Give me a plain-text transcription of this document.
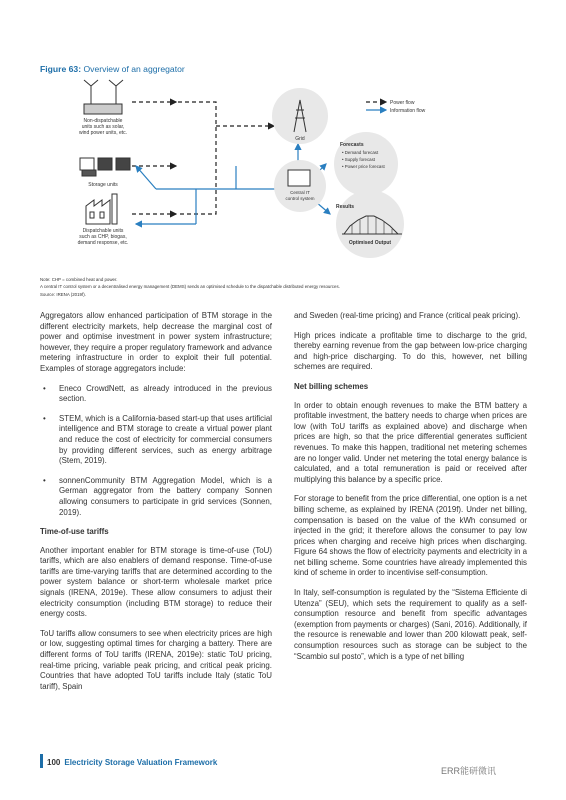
Figure 63: Overview of an aggregator
Non-dispatchable
units such as solar,
wind power units, etc.
Storage units
Dispatchable units
such as CHP, biogas,
demand response, etc.
Grid
Central IT
control system
Forecasts
• Demand forecast
• Supply forecast
• Power price forecast
Results
Optimised Output
Power flow
Information flow
Note: CHP = combined heat and power.
A central IT control system or a decentralised energy management (DEMS) sends an optimised schedule to the dispatchable distributed energy resources.
Source: IRENA (2019f).

Aggregators allow enhanced participation of BTM storage in the different electricity markets, help decrease the marginal cost of power and optimise investment in power system infrastructure; however, they require a proper regulatory framework and advance metering infrastructure in order to exploit their full potential. Examples of storage aggregators include:

• Eneco CrowdNett, as already introduced in the previous section.
• STEM, which is a California-based start-up that uses artificial intelligence and BTM storage to create a virtual power plant and reduce the cost of electricity for commercial consumers by providing different services, such as energy arbitrage (Stem, 2019).
• sonnenCommunity BTM Aggregation Model, which is a German aggregator from the battery company Sonnen allowing consumers to participate in grid services (Sonnen, 2019).
Time-of-use tariffs

Another important enabler for BTM storage is time-of-use (ToU) tariffs, which are also enablers of demand response. Time-of-use tariffs are time-varying tariffs that are determined according to the power system balance or short-term wholesale market price signals (IRENA, 2019e). These allow consumers to adjust their electricity consumption (including BTM storage) to reduce their energy costs.

ToU tariffs allow consumers to see when electricity prices are high or low, suggesting optimal times for charging a battery. There are different forms of ToU tariffs (IRENA, 2019e): static ToU pricing, real-time pricing, variable peak pricing, and critical peak pricing. Countries that have adopted ToU tariffs include Italy (static ToU tariff), Spain

and Sweden (real-time pricing) and France (critical peak pricing).

High prices indicate a profitable time to discharge to the grid, thereby earning revenue from the gap between low-price charging and high-price discharging. To do this, however, net billing schemes are required.

Net billing schemes

In order to obtain enough revenues to make the BTM battery a profitable investment, the battery needs to charge when prices are low (with ToU tariffs as explained above) and discharge when prices are high, so that the price differential generates sufficient revenues. To make this happen, traditional net metering schemes are no longer valid. Under net metering the total energy balance is calculated, and a total remuneration is paid or received after multiplying this balance by a specific price.

For storage to benefit from the price differential, one option is a net billing scheme, as explained by IRENA (2019f). Under net billing, compensation is based on the value of the kWh consumed or injected in the grid; it therefore allows the consumer to pay low prices when charging and receive high prices when discharging. Figure 64 shows the flow of electricity payments and electricity in a net billing scheme. Some countries have already implemented this kind of scheme in order to incentivise self-consumption.

In Italy, self-consumption is regulated by the “Sistema Efficiente di Utenza” (SEU), which sets the requirement to qualify as a self-consumption resource and benefit from specific advantages (exemption from payments or charges) (Sani, 2016). Additionally, if the resource is renewable and lower than 200 kilowatt peak, self-consumption resources such as storage can be subject to the “Scambio sul posto”, which is a type of net billing

100 Electricity Storage Valuation Framework
ERR能研微讯
